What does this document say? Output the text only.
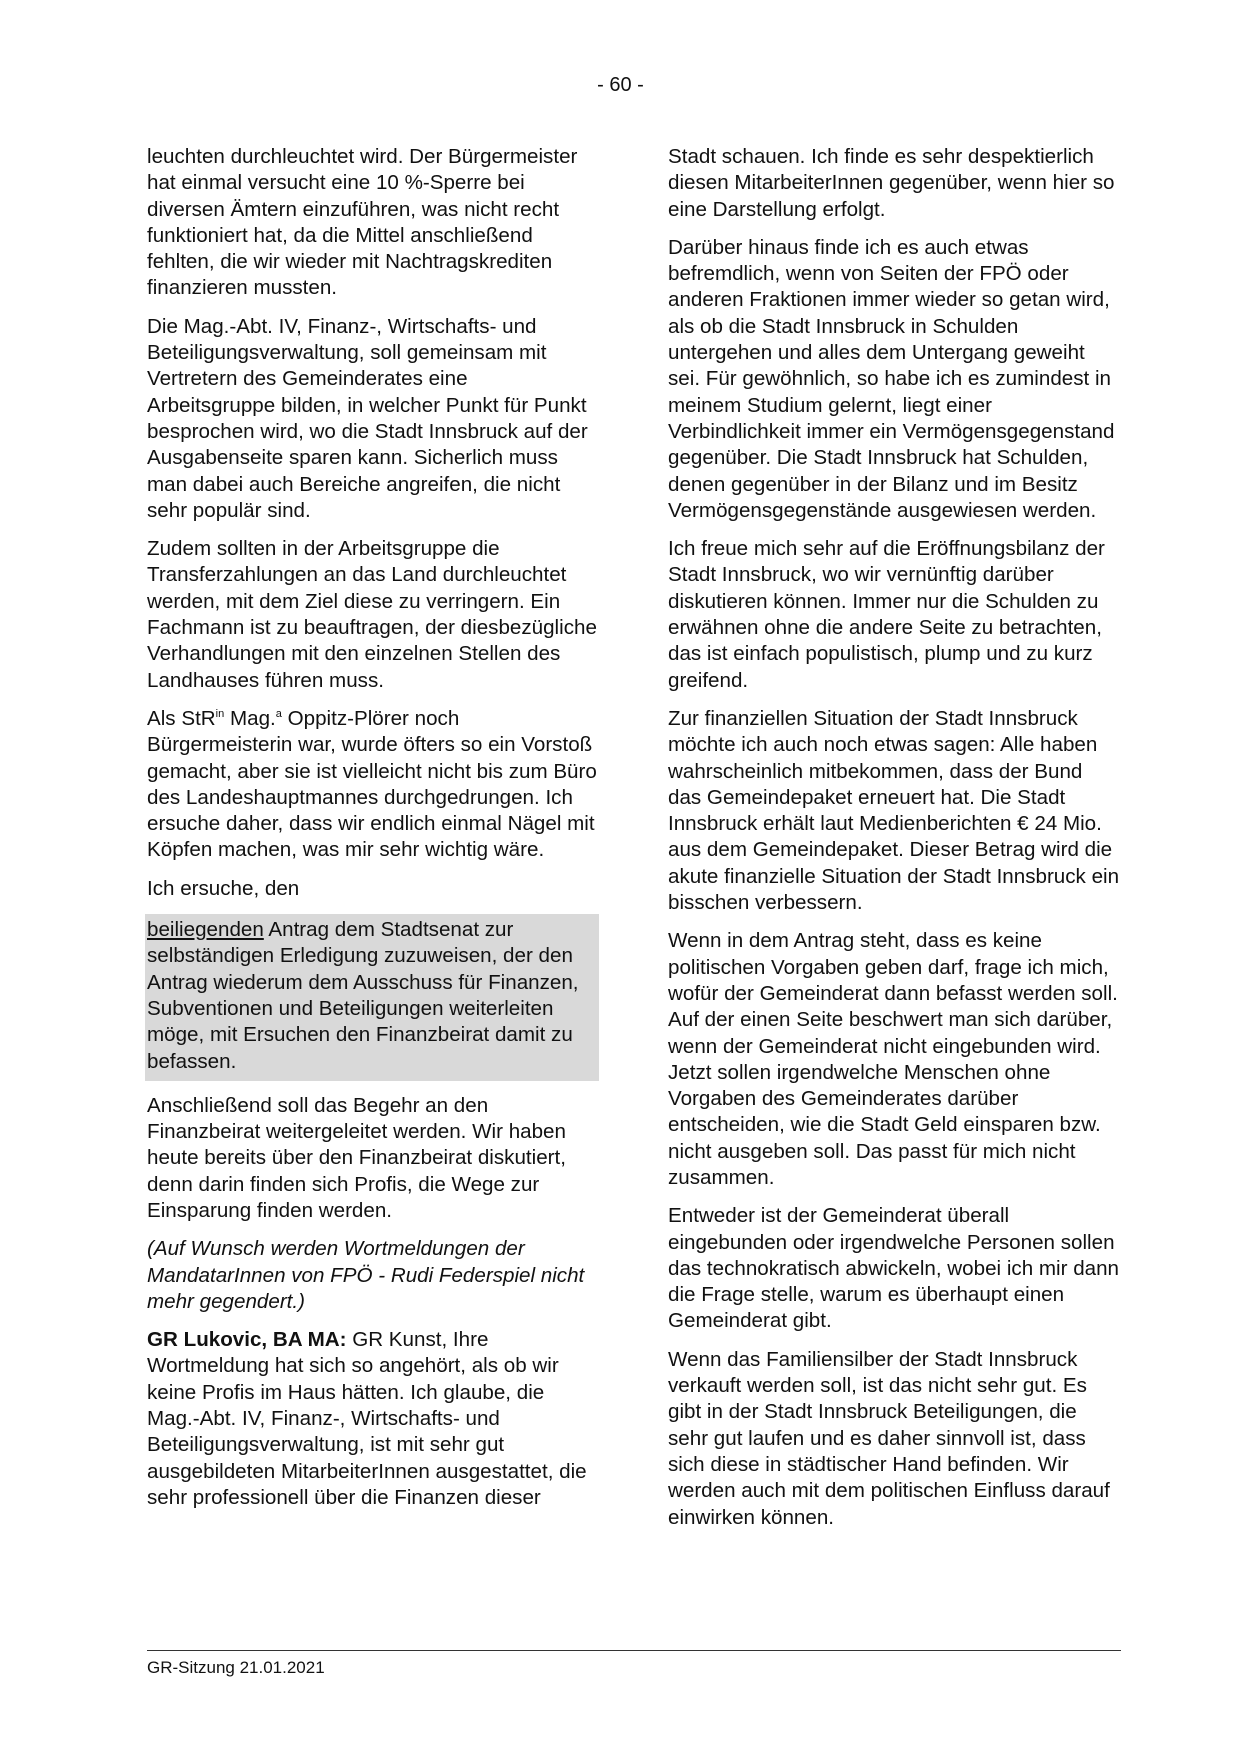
- 60 -

leuchten durchleuchtet wird. Der Bürgermeister hat einmal versucht eine 10 %-Sperre bei diversen Ämtern einzuführen, was nicht recht funktioniert hat, da die Mittel anschließend fehlten, die wir wieder mit Nachtragskrediten finanzieren mussten.

Die Mag.-Abt. IV, Finanz-, Wirtschafts- und Beteiligungsverwaltung, soll gemeinsam mit Vertretern des Gemeinderates eine Arbeitsgruppe bilden, in welcher Punkt für Punkt besprochen wird, wo die Stadt Innsbruck auf der Ausgabenseite sparen kann. Sicherlich muss man dabei auch Bereiche angreifen, die nicht sehr populär sind.

Zudem sollten in der Arbeitsgruppe die Transferzahlungen an das Land durchleuchtet werden, mit dem Ziel diese zu verringern. Ein Fachmann ist zu beauftragen, der diesbezügliche Verhandlungen mit den einzelnen Stellen des Landhauses führen muss.

Als StR$^{in}$ Mag.$^a$ Oppitz-Plörer noch Bürgermeisterin war, wurde öfters so ein Vorstoß gemacht, aber sie ist vielleicht nicht bis zum Büro des Landeshauptmannes durchgedrungen. Ich ersuche daher, dass wir endlich einmal Nägel mit Köpfen machen, was mir sehr wichtig wäre.

Ich ersuche, den

beiliegenden Antrag dem Stadtsenat zur selbständigen Erledigung zuzuweisen, der den Antrag wiederum dem Ausschuss für Finanzen, Subventionen und Beteiligungen weiterleiten möge, mit Ersuchen den Finanzbeirat damit zu befassen.

Anschließend soll das Begehr an den Finanzbeirat weitergeleitet werden. Wir haben heute bereits über den Finanzbeirat diskutiert, denn darin finden sich Profis, die Wege zur Einsparung finden werden.

(Auf Wunsch werden Wortmeldungen der MandatarInnen von FPÖ - Rudi Federspiel nicht mehr gegendert.)

GR Lukovic, BA MA: GR Kunst, Ihre Wortmeldung hat sich so angehört, als ob wir keine Profis im Haus hätten. Ich glaube, die Mag.-Abt. IV, Finanz-, Wirtschafts- und Beteiligungsverwaltung, ist mit sehr gut ausgebildeten MitarbeiterInnen ausgestattet, die sehr professionell über die Finanzen dieser

Stadt schauen. Ich finde es sehr despektierlich diesen MitarbeiterInnen gegenüber, wenn hier so eine Darstellung erfolgt.

Darüber hinaus finde ich es auch etwas befremdlich, wenn von Seiten der FPÖ oder anderen Fraktionen immer wieder so getan wird, als ob die Stadt Innsbruck in Schulden untergehen und alles dem Untergang geweiht sei. Für gewöhnlich, so habe ich es zumindest in meinem Studium gelernt, liegt einer Verbindlichkeit immer ein Vermögensgegenstand gegenüber. Die Stadt Innsbruck hat Schulden, denen gegenüber in der Bilanz und im Besitz Vermögensgegenstände ausgewiesen werden.

Ich freue mich sehr auf die Eröffnungsbilanz der Stadt Innsbruck, wo wir vernünftig darüber diskutieren können. Immer nur die Schulden zu erwähnen ohne die andere Seite zu betrachten, das ist einfach populistisch, plump und zu kurz greifend.

Zur finanziellen Situation der Stadt Innsbruck möchte ich auch noch etwas sagen: Alle haben wahrscheinlich mitbekommen, dass der Bund das Gemeindepaket erneuert hat. Die Stadt Innsbruck erhält laut Medienberichten € 24 Mio. aus dem Gemeindepaket. Dieser Betrag wird die akute finanzielle Situation der Stadt Innsbruck ein bisschen verbessern.

Wenn in dem Antrag steht, dass es keine politischen Vorgaben geben darf, frage ich mich, wofür der Gemeinderat dann befasst werden soll. Auf der einen Seite beschwert man sich darüber, wenn der Gemeinderat nicht eingebunden wird. Jetzt sollen irgendwelche Menschen ohne Vorgaben des Gemeinderates darüber entscheiden, wie die Stadt Geld einsparen bzw. nicht ausgeben soll. Das passt für mich nicht zusammen.

Entweder ist der Gemeinderat überall eingebunden oder irgendwelche Personen sollen das technokratisch abwickeln, wobei ich mir dann die Frage stelle, warum es überhaupt einen Gemeinderat gibt.

Wenn das Familiensilber der Stadt Innsbruck verkauft werden soll, ist das nicht sehr gut. Es gibt in der Stadt Innsbruck Beteiligungen, die sehr gut laufen und es daher sinnvoll ist, dass sich diese in städtischer Hand befinden. Wir werden auch mit dem politischen Einfluss darauf einwirken können.

GR-Sitzung 21.01.2021
